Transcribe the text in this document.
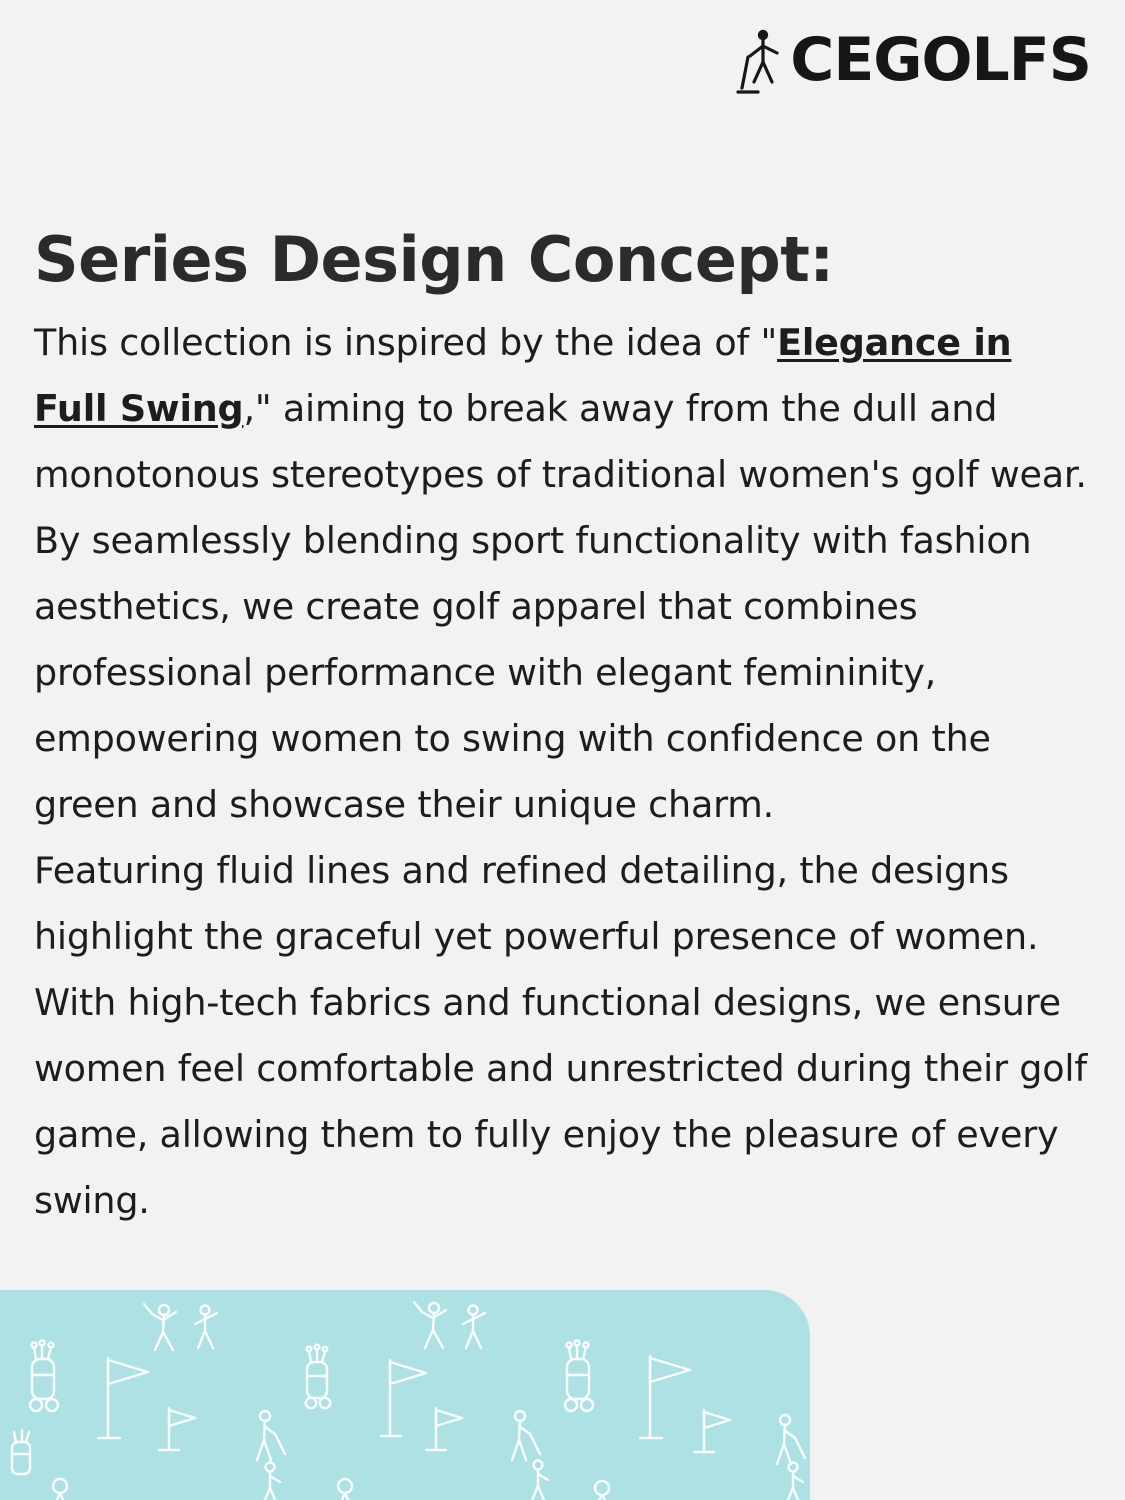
CEGOLFS
Series Design Concept:

This collection is inspired by the idea of "Elegance in Full Swing," aiming to break away from the dull and monotonous stereotypes of traditional women's golf wear. By seamlessly blending sport functionality with fashion aesthetics, we create golf apparel that combines professional performance with elegant femininity, empowering women to swing with confidence on the green and showcase their unique charm.

Featuring fluid lines and refined detailing, the designs highlight the graceful yet powerful presence of women. With high-tech fabrics and functional designs, we ensure women feel comfortable and unrestricted during their golf game, allowing them to fully enjoy the pleasure of every swing.
